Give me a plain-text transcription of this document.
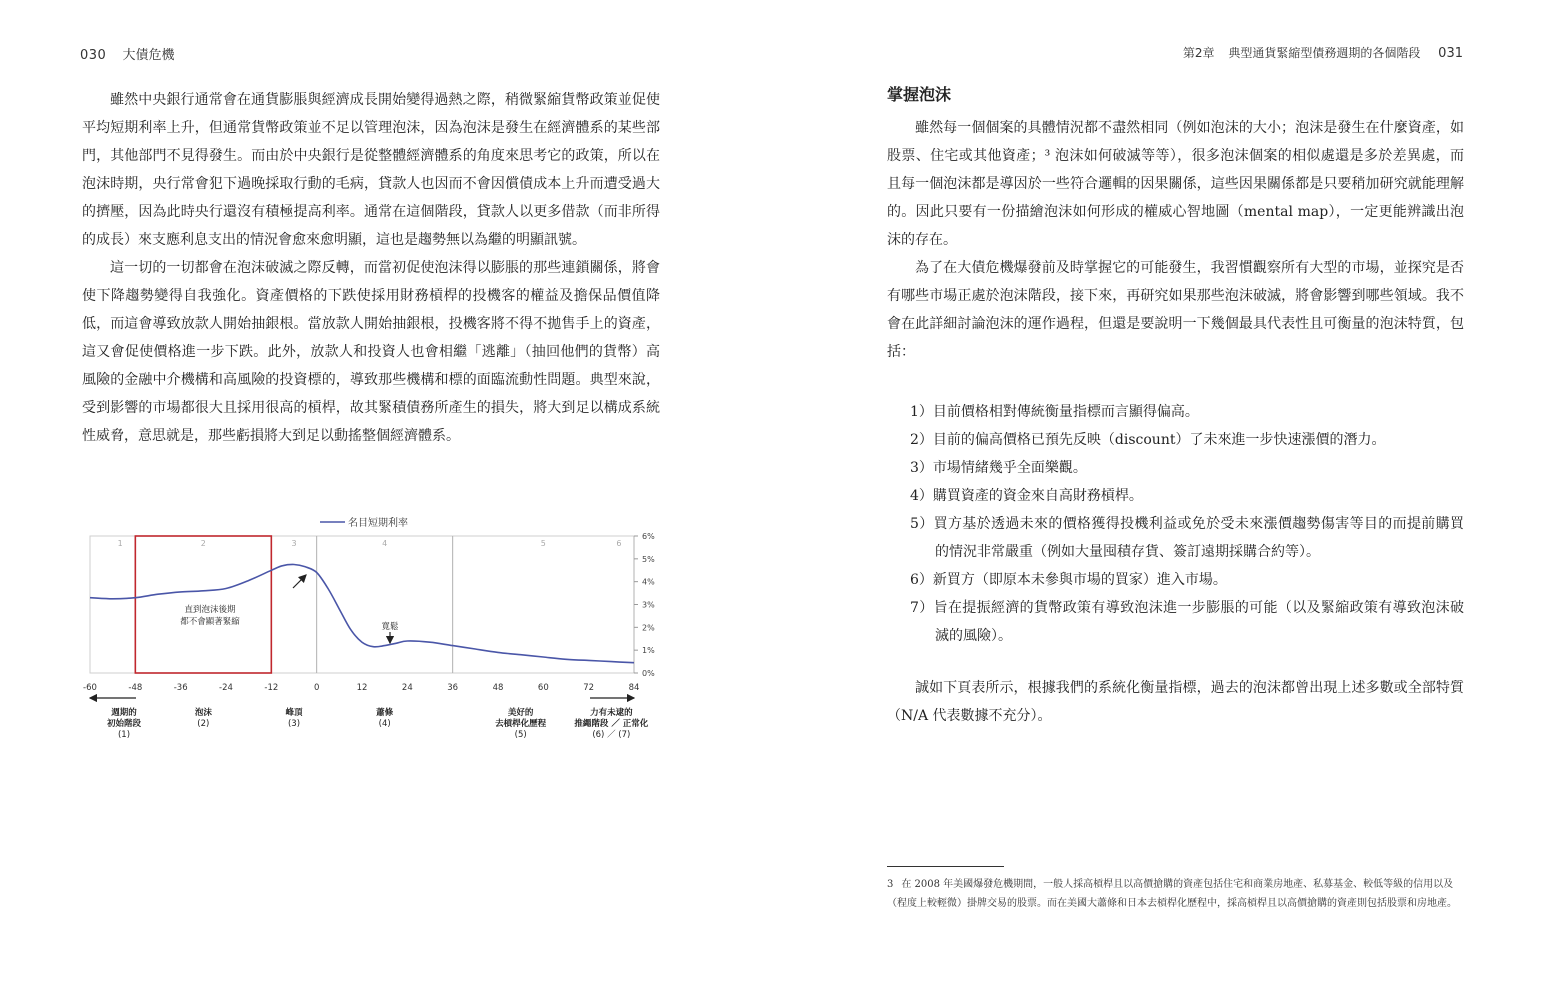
030 大債危機

雖然中央銀行通常會在通貨膨脹與經濟成長開始變得過熱之際，稍微緊縮貨幣政策並促使平均短期利率上升，但通常貨幣政策並不足以管理泡沫，因為泡沫是發生在經濟體系的某些部門，其他部門不見得發生。而由於中央銀行是從整體經濟體系的角度來思考它的政策，所以在泡沫時期，央行常會犯下過晚採取行動的毛病，貸款人也因而不會因償債成本上升而遭受過大的擠壓，因為此時央行還沒有積極提高利率。通常在這個階段，貸款人以更多借款（而非所得的成長）來支應利息支出的情況會愈來愈明顯，這也是趨勢無以為繼的明顯訊號。

這一切的一切都會在泡沫破滅之際反轉，而當初促使泡沫得以膨脹的那些連鎖關係，將會使下降趨勢變得自我強化。資產價格的下跌使採用財務槓桿的投機客的權益及擔保品價值降低，而這會導致放款人開始抽銀根。當放款人開始抽銀根，投機客將不得不拋售手上的資產，這又會促使價格進一步下跌。此外，放款人和投資人也會相繼「逃離」（抽回他們的貨幣）高風險的金融中介機構和高風險的投資標的，導致那些機構和標的面臨流動性問題。典型來說，受到影響的市場都很大且採用很高的槓桿，故其緊積債務所產生的損失，將大到足以構成系統性威脅，意思就是，那些虧損將大到足以動搖整個經濟體系。

名目短期利率
1	2	3	4	5	6
0%
1%
2%
3%
4%
5%
6%
-60	-48	-36	-24	-12	0	12	24	36	48	60	72	84
直到泡沫後期
都不會顯著緊縮	寬鬆
週期的
初始階段
(1)
泡沫
(2)
峰頂
(3)
蕭條
(4)
美好的
去槓桿化歷程
(5)
力有未逮的
推繩階段 ／ 正常化
(6) ／ (7)
第2章 典型通貨緊縮型債務週期的各個階段 031
掌握泡沫

雖然每一個個案的具體情況都不盡然相同（例如泡沫的大小；泡沫是發生在什麼資產，如股票、住宅或其他資產；³ 泡沫如何破滅等等），很多泡沫個案的相似處還是多於差異處，而且每一個泡沫都是導因於一些符合邏輯的因果關係，這些因果關係都是只要稍加研究就能理解的。因此只要有一份描繪泡沫如何形成的權威心智地圖（mental map），一定更能辨識出泡沫的存在。

為了在大債危機爆發前及時掌握它的可能發生，我習慣觀察所有大型的市場，並探究是否有哪些市場正處於泡沫階段，接下來，再研究如果那些泡沫破滅，將會影響到哪些領域。我不會在此詳細討論泡沫的運作過程，但還是要說明一下幾個最具代表性且可衡量的泡沫特質，包括：

1）目前價格相對傳統衡量指標而言顯得偏高。
2）目前的偏高價格已預先反映（discount）了未來進一步快速漲價的潛力。
3）市場情緒幾乎全面樂觀。
4）購買資產的資金來自高財務槓桿。
5）買方基於透過未來的價格獲得投機利益或免於受未來漲價趨勢傷害等目的而提前購買的情況非常嚴重（例如大量囤積存貨、簽訂遠期採購合約等）。
6）新買方（即原本未參與市場的買家）進入市場。
7）旨在提振經濟的貨幣政策有導致泡沫進一步膨脹的可能（以及緊縮政策有導致泡沫破滅的風險）。

誠如下頁表所示，根據我們的系統化衡量指標，過去的泡沫都曾出現上述多數或全部特質（N/A 代表數據不充分）。

3 在 2008 年美國爆發危機期間，一般人採高槓桿且以高價搶購的資產包括住宅和商業房地產、私募基金、較低等級的信用以及（程度上較輕微）掛牌交易的股票。而在美國大蕭條和日本去槓桿化歷程中，採高槓桿且以高價搶購的資產則包括股票和房地產。
